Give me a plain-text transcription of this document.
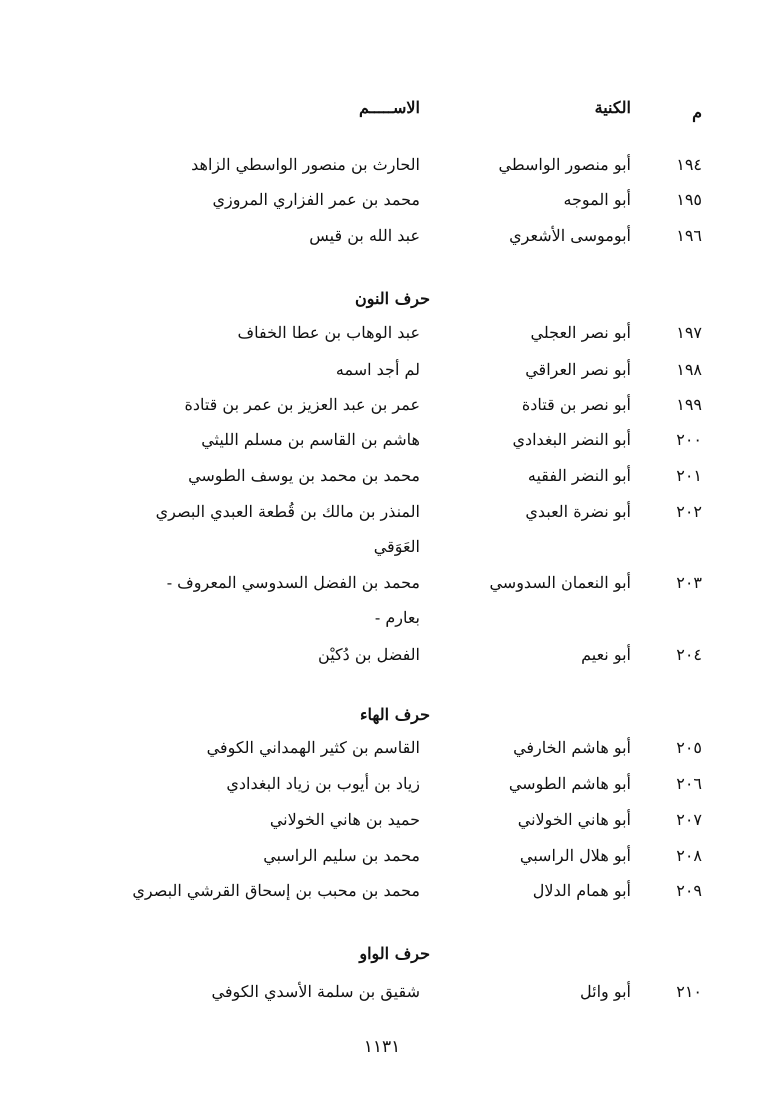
م
الكنية
الاســـــم
١٩٤
أبو منصور الواسطي
الحارث بن منصور الواسطي الزاهد
١٩٥
أبو الموجه
محمد بن عمر الفزاري المروزي
١٩٦
أبوموسى الأشعري
عبد الله بن قيس
حرف النون
١٩٧
أبو نصر العجلي
عبد الوهاب بن عطا الخفاف
١٩٨
أبو نصر العراقي
لم أجد اسمه
١٩٩
أبو نصر بن قتادة
عمر بن عبد العزيز بن عمر بن قتادة
٢٠٠
أبو النضر البغدادي
هاشم بن القاسم بن مسلم الليثي
٢٠١
أبو النضر الفقيه
محمد بن محمد بن يوسف الطوسي
٢٠٢
أبو نضرة العبدي
المنذر بن مالك بن قُطعة العبدي البصري
العَوَقي
٢٠٣
أبو النعمان السدوسي
محمد بن الفضل السدوسي المعروف -
بعارم -
٢٠٤
أبو نعيم
الفضل بن دُكيْن
حرف الهاء
٢٠٥
أبو هاشم الخارفي
القاسم بن كثير الهمداني الكوفي
٢٠٦
أبو هاشم الطوسي
زياد بن أيوب بن زياد البغدادي
٢٠٧
أبو هاني الخولاني
حميد بن هاني الخولاني
٢٠٨
أبو هلال الراسبي
محمد بن سليم الراسبي
٢٠٩
أبو همام الدلال
محمد بن محبب بن إسحاق القرشي البصري
حرف الواو
٢١٠
أبو وائل
شقيق بن سلمة الأسدي الكوفي
١١٣١
